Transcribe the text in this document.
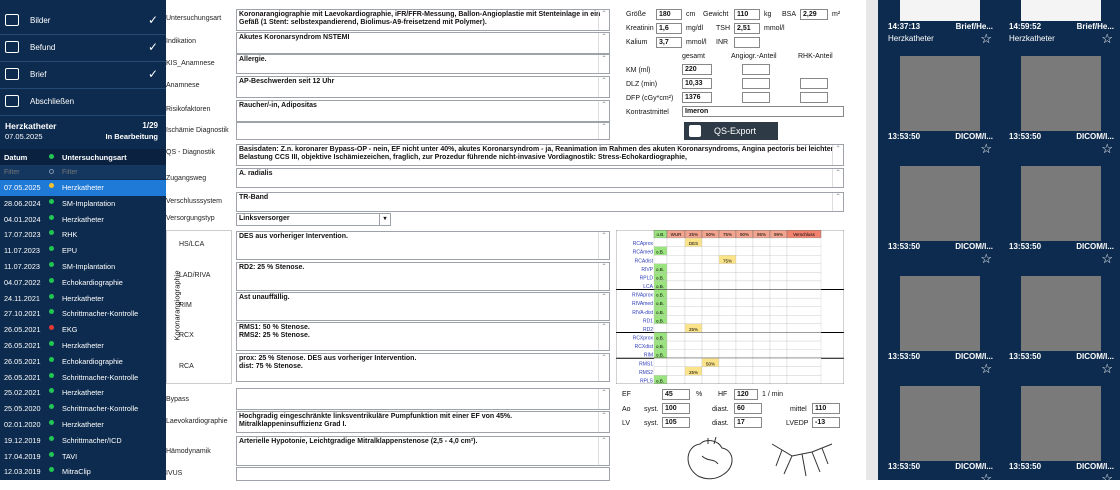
Bilder	✓
Befund	✓
Brief	✓
Abschließen
Herzkatheter	1/29
07.05.2025	In Bearbeitung
Datum	Untersuchungsart
Filter
Filter
07.05.2025	Herzkatheter
28.06.2024	SM-Implantation
04.01.2024	Herzkatheter
17.07.2023	RHK
11.07.2023	EPU
11.07.2023	SM-Implantation
04.07.2022	Echokardiographie
24.11.2021	Herzkatheter
27.10.2021	Schrittmacher-Kontrolle
26.05.2021	EKG
26.05.2021	Herzkatheter
26.05.2021	Echokardiographie
26.05.2021	Schrittmacher-Kontrolle
25.02.2021	Herzkatheter
25.05.2020	Schrittmacher-Kontrolle
02.01.2020	Herzkatheter
19.12.2019	Schrittmacher/ICD
17.04.2019	TAVI
12.03.2019	MitraClip
Untersuchungsart
Koronarangiographie mit Laevokardiographie, iFR/FFR-Messung, Ballon-Angioplastie mit Stenteinlage in ein Gefäß (1 Stent: selbstexpandierend, Biolimus-A9-freisetzend mit Polymer).
⌃
Indikation
Akutes Koronarsyndrom NSTEMI	⌃
KIS_Anamnese
Allergie.	⌃
Anamnese
AP-Beschwerden seit 12 Uhr	⌃
Risikofaktoren
Raucher/-in, Adipositas	⌃
Ischämie Diagnostik	⌃
QS - Diagnostik	Basisdaten: Z.n. koronarer Bypass-OP - nein, EF nicht unter 40%, akutes Koronarsyndrom - ja, Reanimation im Rahmen des akuten Koronarsyndroms, Angina pectoris bei leichter Belastung CCS III, objektive Ischämiezeichen, fraglich, zur Prozedur führende nicht-invasive Vordiagnostik: Stress-Echokardiographie,
⌃
Zugangsweg
A. radialis	⌃
Verschlusssystem
TR-Band	⌃
Versorgungstyp	Linksversorger	▾
Koronarangiographie
HS/LCA
DES aus vorheriger Intervention.	⌃
LAD/RIVA
RD2: 25 % Stenose.	⌃
RIM
Ast unauffällig.	⌃
RCX
RMS1: 50 % Stenose.
RMS2: 25 % Stenose.
⌃
RCA
prox: 25 % Stenose. DES aus vorheriger Intervention.
dist: 75 % Stenose.
⌃
Bypass
⌃
Laevokardiographie
Hochgradig eingeschränkte linksventrikuläre Pumpfunktion mit einer EF von 45%.
Mitralklappeninsuffizienz Grad I.
⌃
Hämodynamik
Arterielle Hypotonie, Leichtgradige Mitralklappenstenose (2,5 - 4,0 cm²).	⌃
IVUS
Größe	180	cm Gewicht	110	kg BSA 2,29	m²
Kreatinin 1,6	mg/dl TSH	2,51	mmol/l
Kalium	3,7	mmol/l INR
gesamt	Angiogr.-Anteil	RHK-Anteil
KM (ml)	220
DLZ (min)	10,33
DFP (cGy*cm²)	1376
Kontrastmittel	Imeron
QS-Export
EF	45	% HF	120	1 / min
Ao syst. 100	diast.	60	mittel	110
LV syst. 105	diast.	17	LVEDP -13
o.B. WUR 25% 50% 75% 90% 95% 99% Verschluss
RCAprox	DES
RCAmed o.B.
RCAdist	75%
RIVP o.B.
RPLD o.B.
LCA o.B.
RIVAprox o.B.
RIVAmed o.B.
RIVA-dist o.B.
RD1 o.B.
RD2	25%
RCXprox o.B.
RCXdist o.B.
RIM o.B.
RMS1	50%
RMS2	25%
RPLS o.B.
14:37:13	Brief/He...
Herzkatheter	☆
14:59:52	Brief/He...
Herzkatheter	☆
13:53:50	DICOM/I...
☆
13:53:50	DICOM/I...
☆
13:53:50	DICOM/I...
☆
13:53:50	DICOM/I...
☆
13:53:50	DICOM/I...
☆
13:53:50	DICOM/I...
☆
13:53:50	DICOM/I...
☆
13:53:50	DICOM/I...
☆
